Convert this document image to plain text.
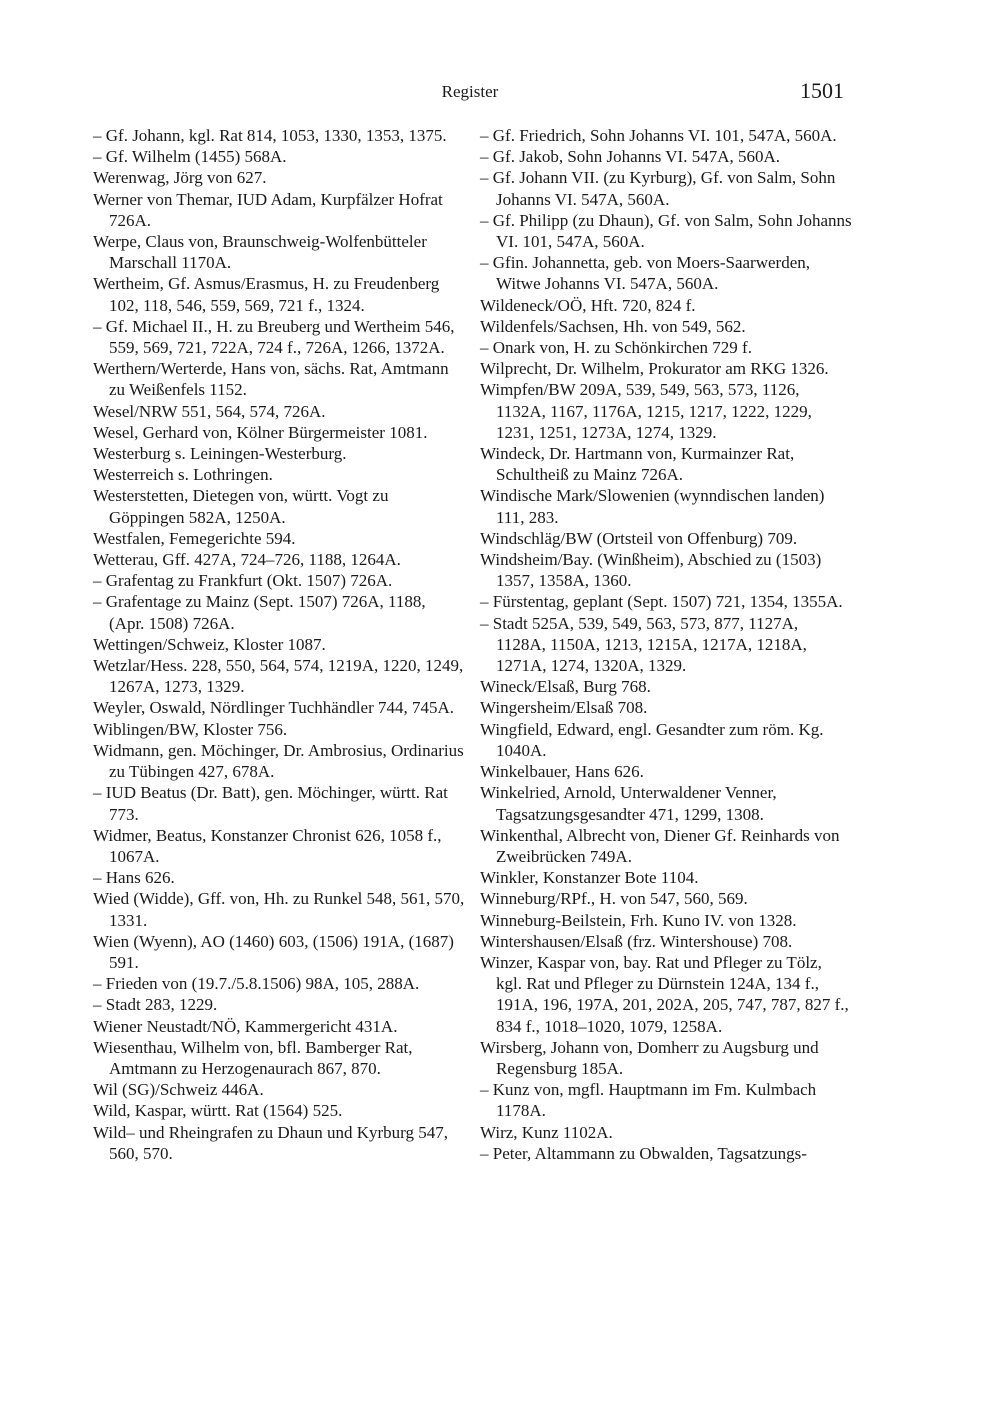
Register	1501

– Gf. Johann, kgl. Rat 814, 1053, 1330, 1353, 1375.

– Gf. Wilhelm (1455) 568A.

Werenwag, Jörg von 627.

Werner von Themar, IUD Adam, Kurpfälzer Hofrat 726A.

Werpe, Claus von, Braunschweig-Wolfenbütteler Marschall 1170A.

Wertheim, Gf. Asmus/Erasmus, H. zu Freudenberg 102, 118, 546, 559, 569, 721 f., 1324.

– Gf. Michael II., H. zu Breuberg und Wertheim 546, 559, 569, 721, 722A, 724 f., 726A, 1266, 1372A.

Werthern/Werterde, Hans von, sächs. Rat, Amtmann zu Weißenfels 1152.

Wesel/NRW 551, 564, 574, 726A.

Wesel, Gerhard von, Kölner Bürgermeister 1081.

Westerburg s. Leiningen-Westerburg.

Westerreich s. Lothringen.

Westerstetten, Dietegen von, württ. Vogt zu Göppingen 582A, 1250A.

Westfalen, Femegerichte 594.

Wetterau, Gff. 427A, 724–726, 1188, 1264A.

– Grafentag zu Frankfurt (Okt. 1507) 726A.

– Grafentage zu Mainz (Sept. 1507) 726A, 1188, (Apr. 1508) 726A.

Wettingen/Schweiz, Kloster 1087.

Wetzlar/Hess. 228, 550, 564, 574, 1219A, 1220, 1249, 1267A, 1273, 1329.

Weyler, Oswald, Nördlinger Tuchhändler 744, 745A.

Wiblingen/BW, Kloster 756.

Widmann, gen. Möchinger, Dr. Ambrosius, Ordinarius zu Tübingen 427, 678A.

– IUD Beatus (Dr. Batt), gen. Möchinger, württ. Rat 773.

Widmer, Beatus, Konstanzer Chronist 626, 1058 f., 1067A.

– Hans 626.

Wied (Widde), Gff. von, Hh. zu Runkel 548, 561, 570, 1331.

Wien (Wyenn), AO (1460) 603, (1506) 191A, (1687) 591.

– Frieden von (19.7./5.8.1506) 98A, 105, 288A.

– Stadt 283, 1229.

Wiener Neustadt/NÖ, Kammergericht 431A.

Wiesenthau, Wilhelm von, bfl. Bamberger Rat, Amtmann zu Herzogenaurach 867, 870.

Wil (SG)/Schweiz 446A.

Wild, Kaspar, württ. Rat (1564) 525.

Wild– und Rheingrafen zu Dhaun und Kyrburg 547, 560, 570.

– Gf. Friedrich, Sohn Johanns VI. 101, 547A, 560A.

– Gf. Jakob, Sohn Johanns VI. 547A, 560A.

– Gf. Johann VII. (zu Kyrburg), Gf. von Salm, Sohn Johanns VI. 547A, 560A.

– Gf. Philipp (zu Dhaun), Gf. von Salm, Sohn Johanns VI. 101, 547A, 560A.

– Gfin. Johannetta, geb. von Moers-Saarwerden, Witwe Johanns VI. 547A, 560A.

Wildeneck/OÖ, Hft. 720, 824 f.

Wildenfels/Sachsen, Hh. von 549, 562.

– Onark von, H. zu Schönkirchen 729 f.

Wilprecht, Dr. Wilhelm, Prokurator am RKG 1326.

Wimpfen/BW 209A, 539, 549, 563, 573, 1126, 1132A, 1167, 1176A, 1215, 1217, 1222, 1229, 1231, 1251, 1273A, 1274, 1329.

Windeck, Dr. Hartmann von, Kurmainzer Rat, Schultheiß zu Mainz 726A.

Windische Mark/Slowenien (wynndischen landen) 111, 283.

Windschläg/BW (Ortsteil von Offenburg) 709.

Windsheim/Bay. (Winßheim), Abschied zu (1503) 1357, 1358A, 1360.

– Fürstentag, geplant (Sept. 1507) 721, 1354, 1355A.

– Stadt 525A, 539, 549, 563, 573, 877, 1127A, 1128A, 1150A, 1213, 1215A, 1217A, 1218A, 1271A, 1274, 1320A, 1329.

Wineck/Elsaß, Burg 768.

Wingersheim/Elsaß 708.

Wingfield, Edward, engl. Gesandter zum röm. Kg. 1040A.

Winkelbauer, Hans 626.

Winkelried, Arnold, Unterwaldener Venner, Tagsatzungsgesandter 471, 1299, 1308.

Winkenthal, Albrecht von, Diener Gf. Reinhards von Zweibrücken 749A.

Winkler, Konstanzer Bote 1104.

Winneburg/RPf., H. von 547, 560, 569.

Winneburg-Beilstein, Frh. Kuno IV. von 1328.

Wintershausen/Elsaß (frz. Wintershouse) 708.

Winzer, Kaspar von, bay. Rat und Pfleger zu Tölz, kgl. Rat und Pfleger zu Dürnstein 124A, 134 f., 191A, 196, 197A, 201, 202A, 205, 747, 787, 827 f., 834 f., 1018–1020, 1079, 1258A.

Wirsberg, Johann von, Domherr zu Augsburg und Regensburg 185A.

– Kunz von, mgfl. Hauptmann im Fm. Kulmbach 1178A.

Wirz, Kunz 1102A.

– Peter, Altammann zu Obwalden, Tagsatzungs-
